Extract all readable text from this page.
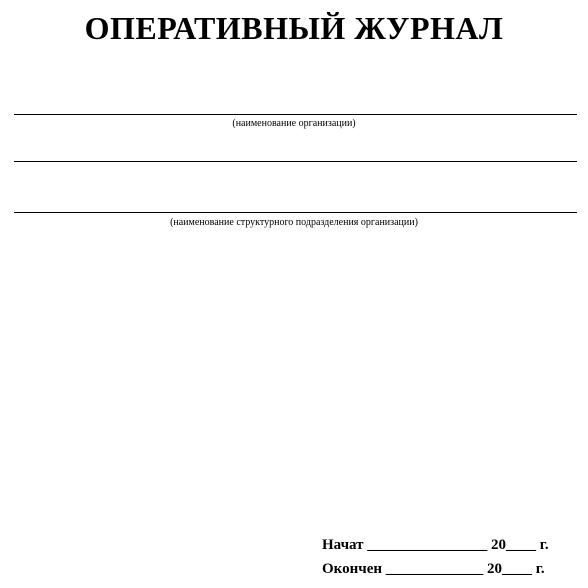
ОПЕРАТИВНЫЙ ЖУРНАЛ
(наименование организации)
(наименование структурного подразделения организации)
Начат ________________ 20____ г.
Окончен _____________ 20____ г.
